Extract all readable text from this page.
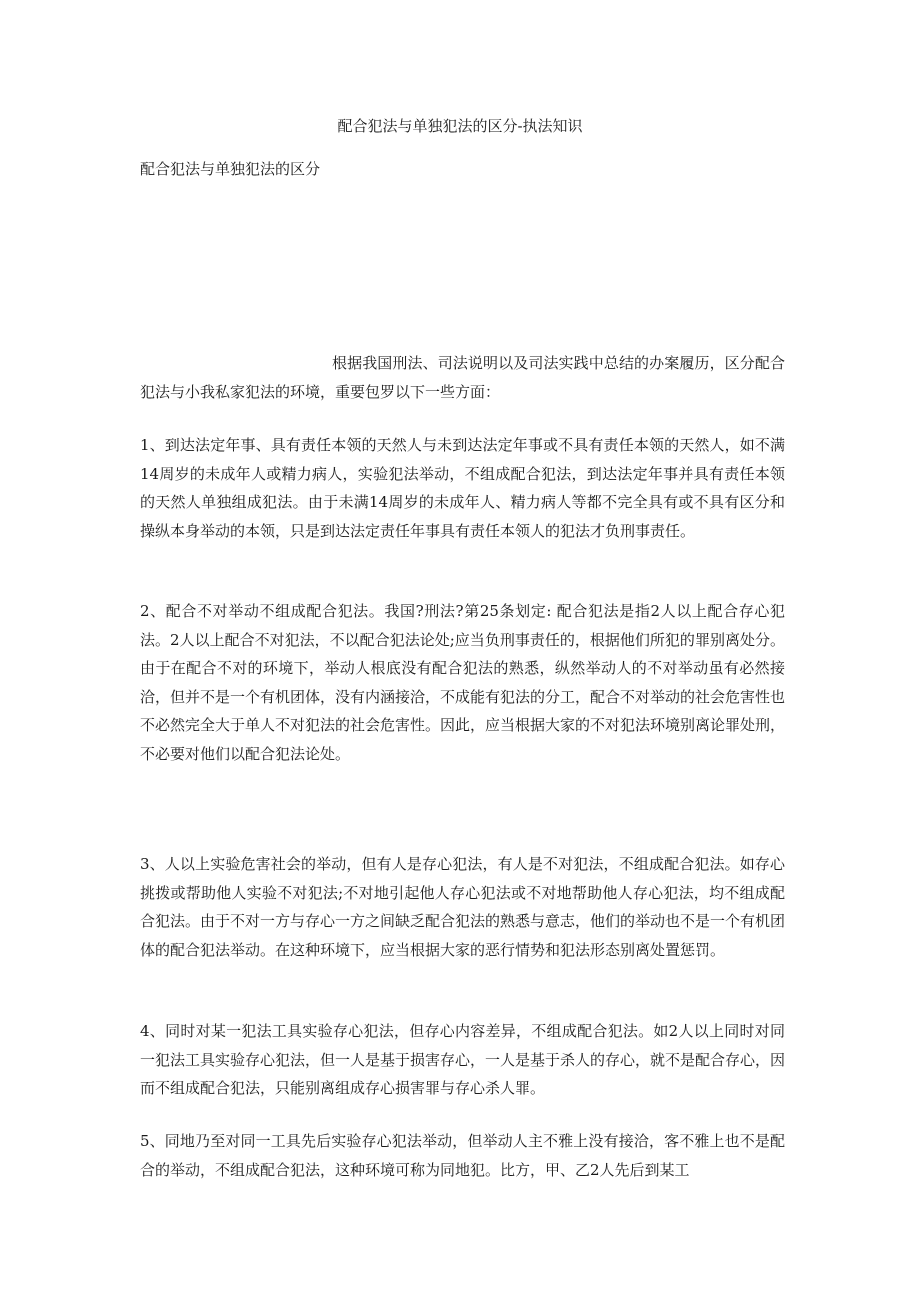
配合犯法与单独犯法的区分-执法知识

配合犯法与单独犯法的区分

根据我国刑法、司法说明以及司法实践中总结的办案履历，区分配合犯法与小我私家犯法的环境，重要包罗以下一些方面：

1、到达法定年事、具有责任本领的天然人与未到达法定年事或不具有责任本领的天然人，如不满14周岁的未成年人或精力病人，实验犯法举动，不组成配合犯法，到达法定年事并具有责任本领的天然人单独组成犯法。由于未满14周岁的未成年人、精力病人等都不完全具有或不具有区分和操纵本身举动的本领，只是到达法定责任年事具有责任本领人的犯法才负刑事责任。

2、配合不对举动不组成配合犯法。我国?刑法?第25条划定: 配合犯法是指2人以上配合存心犯法。2人以上配合不对犯法，不以配合犯法论处;应当负刑事责任的，根据他们所犯的罪别离处分。由于在配合不对的环境下，举动人根底没有配合犯法的熟悉，纵然举动人的不对举动虽有必然接洽，但并不是一个有机团体，没有内涵接洽，不成能有犯法的分工，配合不对举动的社会危害性也不必然完全大于单人不对犯法的社会危害性。因此，应当根据大家的不对犯法环境别离论罪处刑，不必要对他们以配合犯法论处。

3、人以上实验危害社会的举动，但有人是存心犯法，有人是不对犯法，不组成配合犯法。如存心挑拨或帮助他人实验不对犯法;不对地引起他人存心犯法或不对地帮助他人存心犯法，均不组成配合犯法。由于不对一方与存心一方之间缺乏配合犯法的熟悉与意志，他们的举动也不是一个有机团体的配合犯法举动。在这种环境下，应当根据大家的恶行情势和犯法形态别离处置惩罚。

4、同时对某一犯法工具实验存心犯法，但存心内容差异，不组成配合犯法。如2人以上同时对同一犯法工具实验存心犯法，但一人是基于损害存心，一人是基于杀人的存心，就不是配合存心，因而不组成配合犯法，只能别离组成存心损害罪与存心杀人罪。

5、同地乃至对同一工具先后实验存心犯法举动，但举动人主不雅上没有接洽，客不雅上也不是配合的举动，不组成配合犯法，这种环境可称为同地犯。比方，甲、乙2人先后到某工
